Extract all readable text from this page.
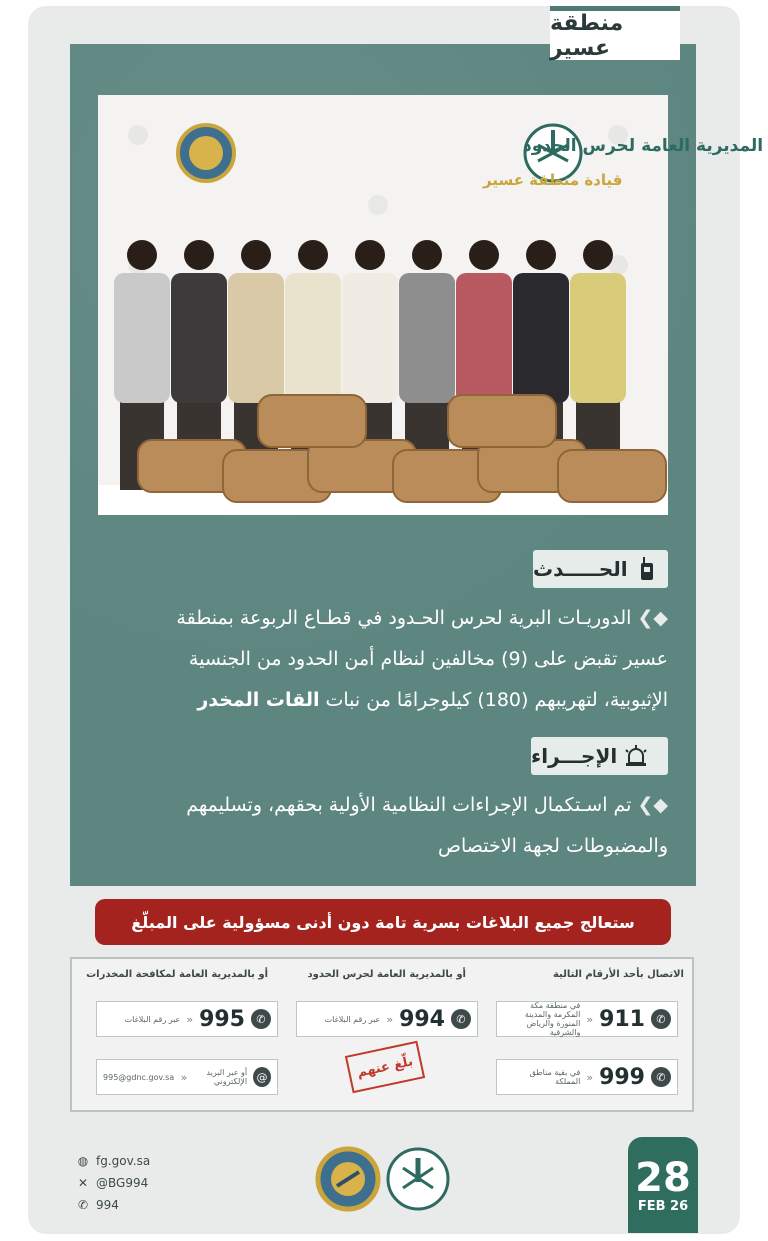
منطقة عسير
المديرية العامة لحرس الحدود
قيادة منطقة عسير
الحـــــدث
◆❯الدوريـات البرية لحرس الحـدود في قطـاع الربوعة بمنطقة
عسير تقبض على (9) مخالفين لنظام أمن الحدود من الجنسية
الإثيوبية، لتهريبهم (180) كيلوجرامًا من نبات القات المخدر
الإجـــراء
◆❯تم اسـتكمال الإجراءات النظامية الأولية بحقهم، وتسليمهم
والمضبوطات لجهة الاختصاص
ستعالج جميع البلاغات بسرية تامة دون أدنى مسؤولية على المبلّغ
الاتصال بأحد الأرقام التالية
أو بالمديرية العامة لحرس الحدود
أو بالمديرية العامة لمكافحة المخدرات
✆
911
«
في منطقة مكة المكرمة والمدينة المنورة والرياض والشرقية
✆
999
«
في بقية مناطق المملكة
✆
994
«
عبر رقم البلاغات
✆
995
«
عبر رقم البلاغات
@
أو عبر البريد الإلكتروني
«
995@gdnc.gov.sa	بلّغ عنهم
◍ fg.gov.sa
✕ @BG994
✆ 994
28
FEB 26
